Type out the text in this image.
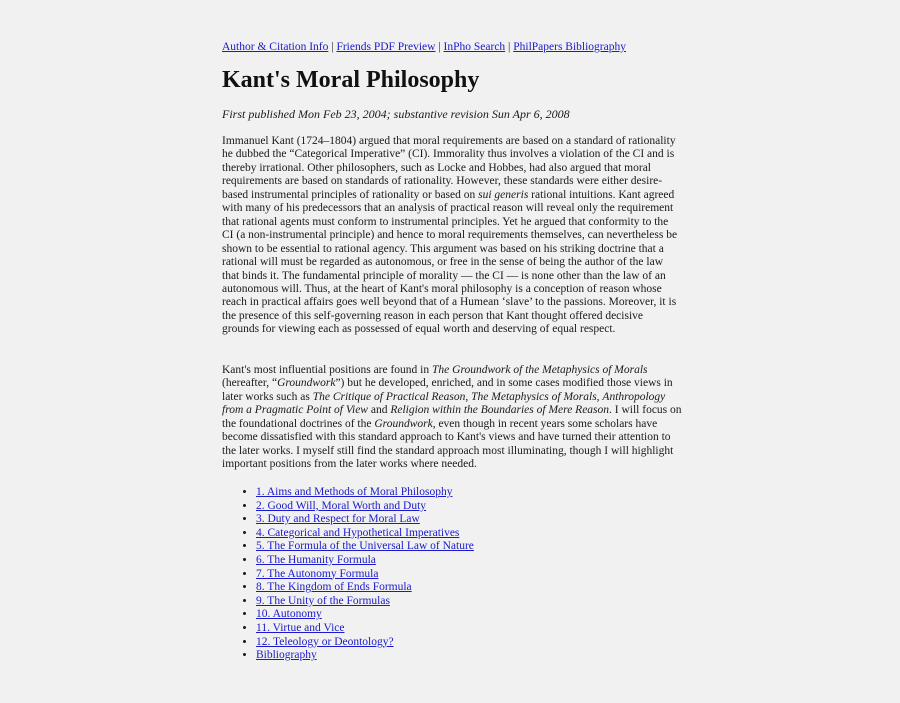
Author & Citation Info | Friends PDF Preview | InPho Search | PhilPapers Bibliography
Kant's Moral Philosophy

First published Mon Feb 23, 2004; substantive revision Sun Apr 6, 2008

Immanuel Kant (1724–1804) argued that moral requirements are based on a standard of rationality he dubbed the “Categorical Imperative” (CI). Immorality thus involves a violation of the CI and is thereby irrational. Other philosophers, such as Locke and Hobbes, had also argued that moral requirements are based on standards of rationality. However, these standards were either desire-based instrumental principles of rationality or based on sui generis rational intuitions. Kant agreed with many of his predecessors that an analysis of practical reason will reveal only the requirement that rational agents must conform to instrumental principles. Yet he argued that conformity to the CI (a non-instrumental principle) and hence to moral requirements themselves, can nevertheless be shown to be essential to rational agency. This argument was based on his striking doctrine that a rational will must be regarded as autonomous, or free in the sense of being the author of the law that binds it. The fundamental principle of morality — the CI — is none other than the law of an autonomous will. Thus, at the heart of Kant's moral philosophy is a conception of reason whose reach in practical affairs goes well beyond that of a Humean ‘slave’ to the passions. Moreover, it is the presence of this self-governing reason in each person that Kant thought offered decisive grounds for viewing each as possessed of equal worth and deserving of equal respect.

Kant's most influential positions are found in The Groundwork of the Metaphysics of Morals (hereafter, “Groundwork”) but he developed, enriched, and in some cases modified those views in later works such as The Critique of Practical Reason, The Metaphysics of Morals, Anthropology from a Pragmatic Point of View and Religion within the Boundaries of Mere Reason. I will focus on the foundational doctrines of the Groundwork, even though in recent years some scholars have become dissatisfied with this standard approach to Kant's views and have turned their attention to the later works. I myself still find the standard approach most illuminating, though I will highlight important positions from the later works where needed.

• 1. Aims and Methods of Moral Philosophy
• 2. Good Will, Moral Worth and Duty
• 3. Duty and Respect for Moral Law
• 4. Categorical and Hypothetical Imperatives
• 5. The Formula of the Universal Law of Nature
• 6. The Humanity Formula
• 7. The Autonomy Formula
• 8. The Kingdom of Ends Formula
• 9. The Unity of the Formulas
• 10. Autonomy
• 11. Virtue and Vice
• 12. Teleology or Deontology?
• Bibliography
